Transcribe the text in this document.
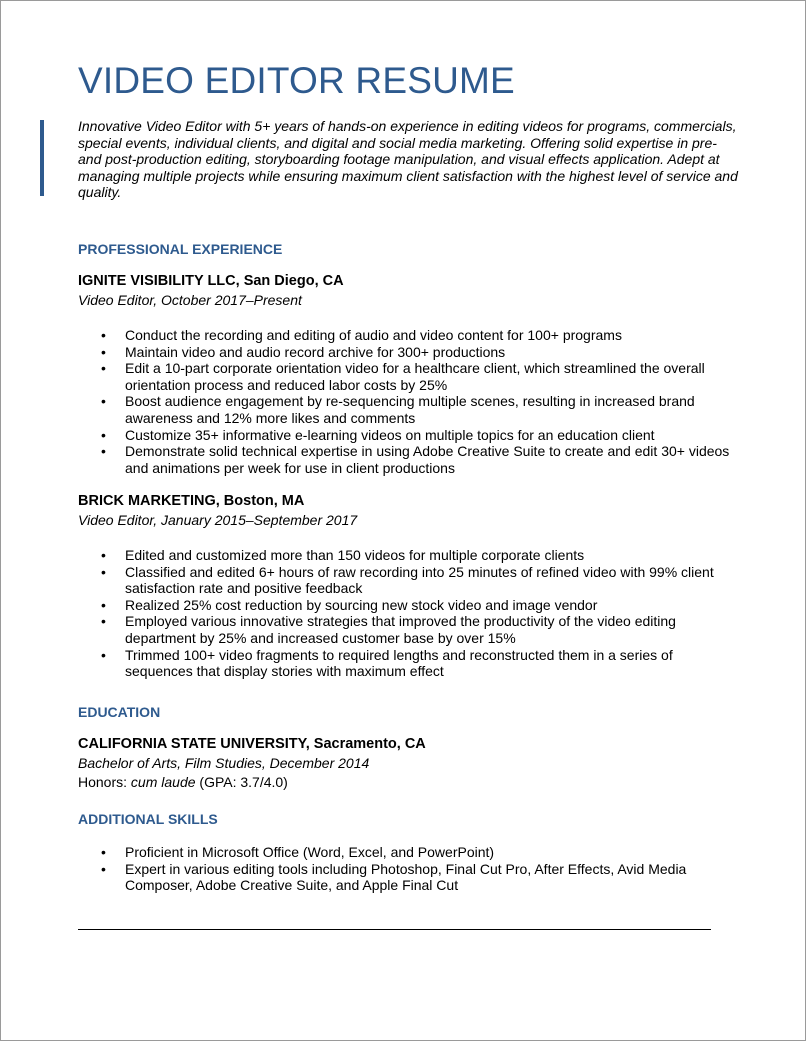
VIDEO EDITOR RESUME
Innovative Video Editor with 5+ years of hands-on experience in editing videos for programs, commercials, special events, individual clients, and digital and social media marketing. Offering solid expertise in pre- and post-production editing, storyboarding footage manipulation, and visual effects application. Adept at managing multiple projects while ensuring maximum client satisfaction with the highest level of service and quality.
PROFESSIONAL EXPERIENCE
IGNITE VISIBILITY LLC, San Diego, CA
Video Editor, October 2017–Present
• Conduct the recording and editing of audio and video content for 100+ programs
• Maintain video and audio record archive for 300+ productions
• Edit a 10-part corporate orientation video for a healthcare client, which streamlined the overall orientation process and reduced labor costs by 25%
• Boost audience engagement by re-sequencing multiple scenes, resulting in increased brand awareness and 12% more likes and comments
• Customize 35+ informative e-learning videos on multiple topics for an education client
• Demonstrate solid technical expertise in using Adobe Creative Suite to create and edit 30+ videos and animations per week for use in client productions
BRICK MARKETING, Boston, MA
Video Editor, January 2015–September 2017
• Edited and customized more than 150 videos for multiple corporate clients
• Classified and edited 6+ hours of raw recording into 25 minutes of refined video with 99% client satisfaction rate and positive feedback
• Realized 25% cost reduction by sourcing new stock video and image vendor
• Employed various innovative strategies that improved the productivity of the video editing department by 25% and increased customer base by over 15%
• Trimmed 100+ video fragments to required lengths and reconstructed them in a series of sequences that display stories with maximum effect
EDUCATION
CALIFORNIA STATE UNIVERSITY, Sacramento, CA
Bachelor of Arts, Film Studies, December 2014
Honors: cum laude (GPA: 3.7/4.0)
ADDITIONAL SKILLS
• Proficient in Microsoft Office (Word, Excel, and PowerPoint)
• Expert in various editing tools including Photoshop, Final Cut Pro, After Effects, Avid Media Composer, Adobe Creative Suite, and Apple Final Cut
